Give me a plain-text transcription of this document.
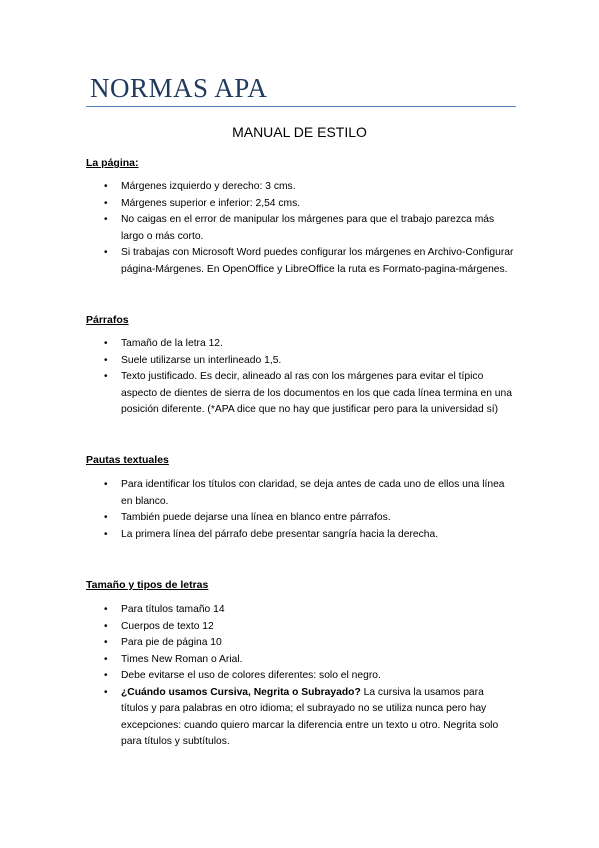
NORMAS APA
MANUAL DE ESTILO
La página:
• Márgenes izquierdo y derecho: 3 cms.
• Márgenes superior e inferior: 2,54 cms.
• No caigas en el error de manipular los márgenes para que el trabajo parezca más largo o más corto.
• Si trabajas con Microsoft Word puedes configurar los márgenes en Archivo-Configurar página-Márgenes. En OpenOffice y LibreOffice la ruta es Formato-pagina-márgenes.
Párrafos
• Tamaño de la letra 12.
• Suele utilizarse un interlineado 1,5.
• Texto justificado. Es decir, alineado al ras con los márgenes para evitar el típico aspecto de dientes de sierra de los documentos en los que cada línea termina en una posición diferente. (*APA dice que no hay que justificar pero para la universidad sí)
Pautas textuales
• Para identificar los títulos con claridad, se deja antes de cada uno de ellos una línea en blanco.
• También puede dejarse una línea en blanco entre párrafos.
• La primera línea del párrafo debe presentar sangría hacia la derecha.
Tamaño y tipos de letras
• Para títulos tamaño 14
• Cuerpos de texto 12
• Para pie de página 10
• Times New Roman o Arial.
• Debe evitarse el uso de colores diferentes: solo el negro.
• ¿Cuándo usamos Cursiva, Negrita o Subrayado? La cursiva la usamos para títulos y para palabras en otro idioma; el subrayado no se utiliza nunca pero hay excepciones: cuando quiero marcar la diferencia entre un texto u otro. Negrita solo para títulos y subtítulos.
